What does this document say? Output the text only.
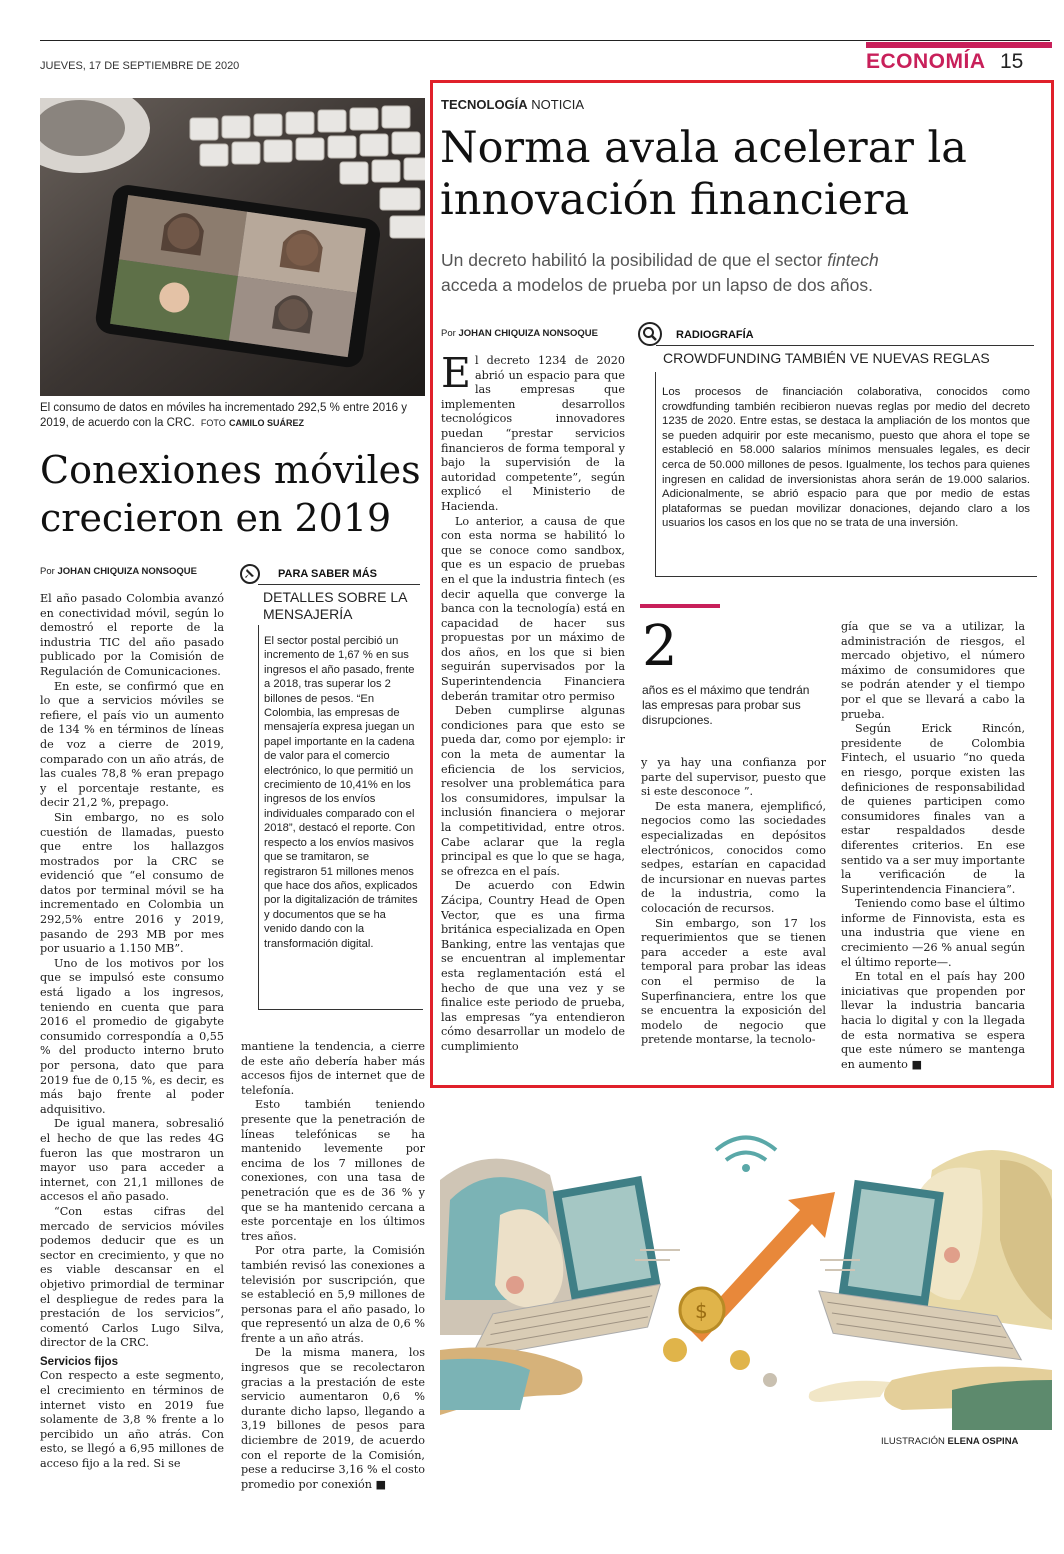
JUEVES, 17 DE SEPTIEMBRE DE 2020	ECONOMÍA 15
El consumo de datos en móviles ha incrementado 292,5 % entre 2016 y 2019, de acuerdo con la CRC. FOTO CAMILO SUÁREZ
Conexiones móviles
crecieron en 2019
Por JOHAN CHIQUIZA NONSOQUE

El año pasado Colombia avanzó en conectividad móvil, según lo demostró el reporte de la industria TIC del año pasado publicado por la Comisión de Regulación de Comunicaciones.

En este, se confirmó que en lo que a servicios móviles se refiere, el país vio un aumento de 134 % en términos de líneas de voz a cierre de 2019, comparado con un año atrás, de las cuales 78,8 % eran prepago y el porcentaje restante, es decir 21,2 %, prepago.

Sin embargo, no es solo cuestión de llamadas, puesto que entre los hallazgos mostrados por la CRC se evidenció que “el consumo de datos por terminal móvil se ha incrementado en Colombia un 292,5% entre 2016 y 2019, pasando de 293 MB por mes por usuario a 1.150 MB”.

Uno de los motivos por los que se impulsó este consumo está ligado a los ingresos, teniendo en cuenta que para 2016 el promedio de gigabyte consumido correspondía a 0,55 % del producto interno bruto por persona, dato que para 2019 fue de 0,15 %, es decir, es más bajo frente al poder adquisitivo.

De igual manera, sobresalió el hecho de que las redes 4G fueron las que mostraron un mayor uso para acceder a internet, con 21,1 millones de accesos el año pasado.

“Con estas cifras del mercado de servicios móviles podemos deducir que es un sector en crecimiento, y que no es viable descansar en el objetivo primordial de terminar el despliegue de redes para la prestación de los servicios”, comentó Carlos Lugo Silva, director de la CRC.

Servicios fijos

Con respecto a este segmento, el crecimiento en términos de internet visto en 2019 fue solamente de 3,8 % frente a lo percibido un año atrás. Con esto, se llegó a 6,95 millones de acceso fijo a la red. Si se

PARA SABER MÁS
DETALLES SOBRE LA
MENSAJERÍA
El sector postal percibió un incremento de 1,67 % en sus ingresos el año pasado, frente a 2018, tras superar los 2 billones de pesos. “En Colombia, las empresas de mensajería expresa juegan un papel importante en la cadena de valor para el comercio electrónico, lo que permitió un crecimiento de 10,41% en los ingresos de los envíos individuales comparado con el 2018”, destacó el reporte. Con respecto a los envíos masivos que se tramitaron, se registraron 51 millones menos que hace dos años, explicados por la digitalización de trámites y documentos que se ha venido dando con la transformación digital.

mantiene la tendencia, a cierre de este año debería haber más accesos fijos de internet que de telefonía.

Esto también teniendo presente que la penetración de líneas telefónicas se ha mantenido levemente por encima de los 7 millones de conexiones, con una tasa de penetración que es de 36 % y que se ha mantenido cercana a este porcentaje en los últimos tres años.

Por otra parte, la Comisión también revisó las conexiones a televisión por suscripción, que se estableció en 5,9 millones de personas para el año pasado, lo que representó un alza de 0,6 % frente a un año atrás.

De la misma manera, los ingresos que se recolectaron gracias a la prestación de este servicio aumentaron 0,6 % durante dicho lapso, llegando a 3,19 billones de pesos para diciembre de 2019, de acuerdo con el reporte de la Comisión, pese a reducirse 3,16 % el costo promedio por conexión ■

TECNOLOGÍA NOTICIA
Norma avala acelerar la
innovación financiera
Un decreto habilitó la posibilidad de que el sector fintech
acceda a modelos de prueba por un lapso de dos años.
Por JOHAN CHIQUIZA NONSOQUE

El decreto 1234 de 2020 abrió un espacio para que las empresas que implementen desarrollos tecnológicos innovadores puedan “prestar servicios financieros de forma temporal y bajo la supervisión de la autoridad competente”, según explicó el Ministerio de Hacienda.

Lo anterior, a causa de que con esta norma se habilitó lo que se conoce como sandbox, que es un espacio de pruebas en el que la industria fintech (es decir aquella que converge la banca con la tecnología) está en capacidad de hacer sus propuestas por un máximo de dos años, en los que si bien seguirán supervisados por la Superintendencia Financiera deberán tramitar otro permiso

Deben cumplirse algunas condiciones para que esto se pueda dar, como por ejemplo: ir con la meta de aumentar la eficiencia de los servicios, resolver una problemática para los consumidores, impulsar la inclusión financiera o mejorar la competitividad, entre otros. Cabe aclarar que la regla principal es que lo que se haga, se ofrezca en el país.

De acuerdo con Edwin Zácipa, Country Head de Open Vector, que es una firma británica especializada en Open Banking, entre las ventajas que se encuentran al implementar esta reglamentación está el hecho de que una vez y se finalice este periodo de prueba, las empresas “ya entendieron cómo desarrollar un modelo de cumplimiento

RADIOGRAFÍA
CROWDFUNDING TAMBIÉN VE NUEVAS REGLAS
Los procesos de financiación colaborativa, conocidos como crowdfunding también recibieron nuevas reglas por medio del decreto 1235 de 2020. Entre estas, se destaca la ampliación de los montos que se pueden adquirir por este mecanismo, puesto que ahora el tope se estableció en 58.000 salarios mínimos mensuales legales, es decir cerca de 50.000 millones de pesos. Igualmente, los techos para quienes ingresen en calidad de inversionistas ahora serán de 19.000 salarios. Adicionalmente, se abrió espacio para que por medio de estas plataformas se puedan movilizar donaciones, dejando claro a los usuarios los casos en los que no se trata de una inversión.
2
años es el máximo que tendrán las empresas para probar sus disrupciones.

y ya hay una confianza por parte del supervisor, puesto que si este desconoce ”.

De esta manera, ejemplificó, negocios como las sociedades especializadas en depósitos electrónicos, conocidos como sedpes, estarían en capacidad de incursionar en nuevas partes de la industria, como la colocación de recursos.

Sin embargo, son 17 los requerimientos que se tienen para acceder a este aval temporal para probar las ideas con el permiso de la Superfinanciera, entre los que se encuentra la exposición del modelo de negocio que pretende montarse, la tecnolo-

gía que se va a utilizar, la administración de riesgos, el mercado objetivo, el número máximo de consumidores que se podrán atender y el tiempo por el que se llevará a cabo la prueba.

Según Erick Rincón, presidente de Colombia Fintech, el usuario “no queda en riesgo, porque existen las definiciones de responsabilidad de quienes participen como consumidores finales van a estar respaldados desde diferentes criterios. En ese sentido va a ser muy importante la verificación de la Superintendencia Financiera”.

Teniendo como base el último informe de Finnovista, esta es una industria que viene en crecimiento —26 % anual según el último reporte—.

En total en el país hay 200 iniciativas que propenden por llevar la industria bancaria hacia lo digital y con la llegada de esta normativa se espera que este número se mantenga en aumento ■

$
ILUSTRACIÓN ELENA OSPINA
